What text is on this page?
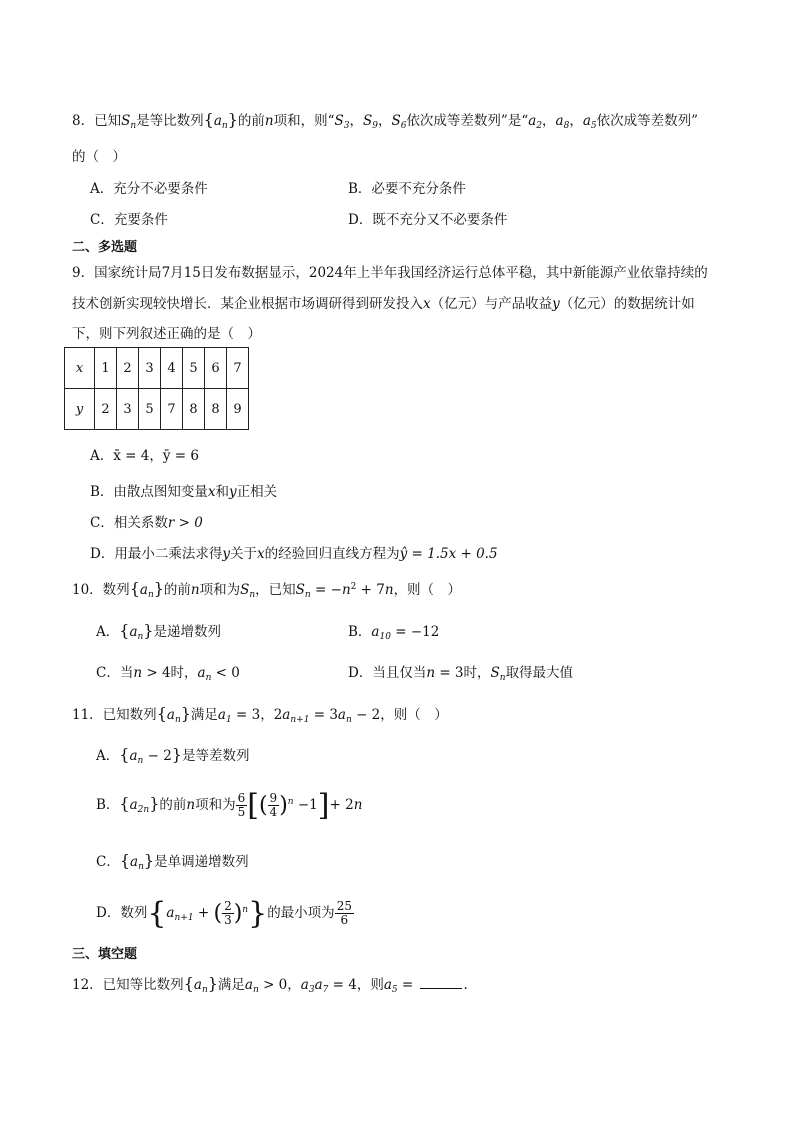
8．已知$S_n$是等比数列$\{a_n\}$的前n项和，则“$S_3$，$S_9$，$S_6$依次成等差数列”是“$a_2$，$a_8$，$a_5$依次成等差数列”
的（　）
A．充分不必要条件	B．必要不充分条件
C．充要条件	D．既不充分又不必要条件
二、多选题
9．国家统计局7月15日发布数据显示，2024年上半年我国经济运行总体平稳，其中新能源产业依靠持续的
技术创新实现较快增长．某企业根据市场调研得到研发投入x（亿元）与产品收益y（亿元）的数据统计如
下，则下列叙述正确的是（　）
x	1	2	3	4	5	6	7
y	2	3	5	7	8	8	9
A．x̄ = 4，ȳ = 6
B．由散点图知变量x和y正相关
C．相关系数r > 0
D．用最小二乘法求得y关于x的经验回归直线方程为ŷ = 1.5x + 0.5
10．数列$\{a_n\}$的前n项和为$S_n$，已知$S_n = -n^2 + 7n$，则（　）
A．$\{a_n\}$是递增数列	B．$a_{10} = -12$
C．当n > 4时，$a_n < 0$	D．当且仅当n = 3时，$S_n$取得最大值
11．已知数列$\{a_n\}$满足$a_1 = 3$，$2a_{n+1} = 3a_n - 2$，则（　）
A．$\{a_n - 2\}$是等差数列
B．$\{a_{2n}\}$的前n项和为 $\frac{6}{5}$ [( $\frac{9}{4} )^n -1]+ 2n$
C．$\{a_n\}$是单调递增数列
D．数列{$a_{n+1}$ + ( $\frac{2}{3} )^n$}的最小项为 $\frac{25}{6}$
三、填空题
12．已知等比数列$\{a_n\}$满足$a_n > 0$，$a_3a_7 = 4$，则$a_5$ =	.
